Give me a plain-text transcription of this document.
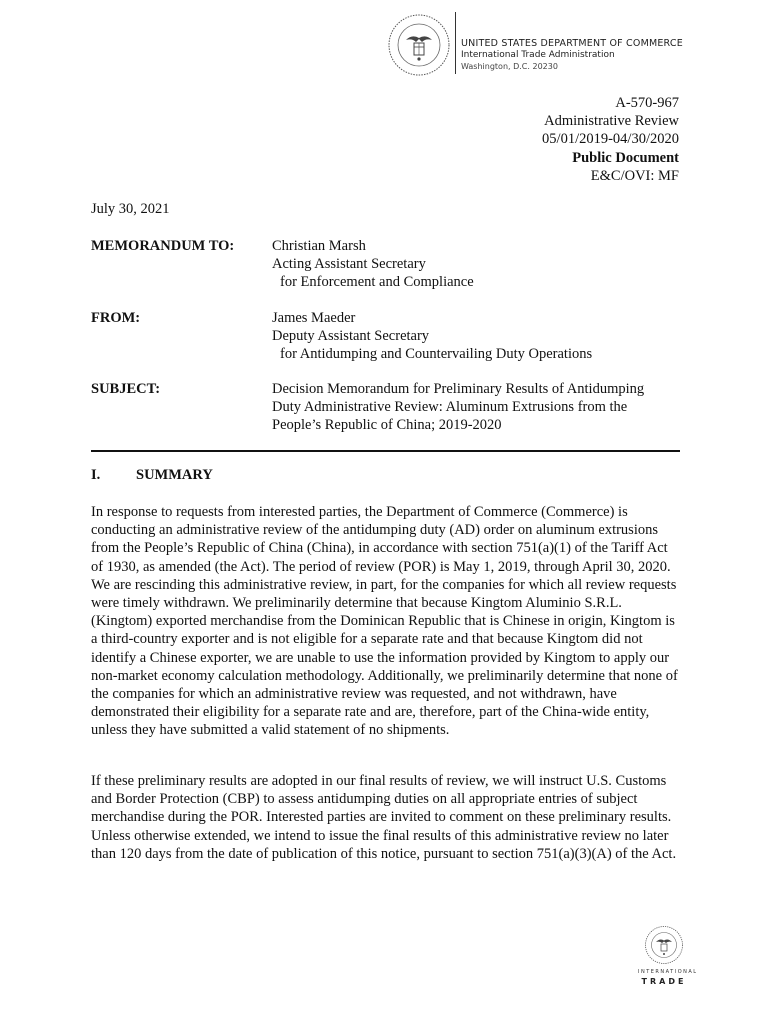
UNITED STATES DEPARTMENT OF COMMERCE
International Trade Administration
Washington, D.C. 20230
A-570-967
Administrative Review
05/01/2019-04/30/2020
Public Document
E&C/OVI: MF
July 30, 2021
MEMORANDUM TO:	Christian Marsh
Acting Assistant Secretary
for Enforcement and Compliance
FROM:	James Maeder
Deputy Assistant Secretary
for Antidumping and Countervailing Duty Operations
SUBJECT:	Decision Memorandum for Preliminary Results of Antidumping
Duty Administrative Review: Aluminum Extrusions from the
People’s Republic of China; 2019-2020
I. SUMMARY
In response to requests from interested parties, the Department of Commerce (Commerce) is conducting an administrative review of the antidumping duty (AD) order on aluminum extrusions from the People’s Republic of China (China), in accordance with section 751(a)(1) of the Tariff Act of 1930, as amended (the Act). The period of review (POR) is May 1, 2019, through April 30, 2020. We are rescinding this administrative review, in part, for the companies for which all review requests were timely withdrawn. We preliminarily determine that because Kingtom Aluminio S.R.L. (Kingtom) exported merchandise from the Dominican Republic that is Chinese in origin, Kingtom is a third-country exporter and is not eligible for a separate rate and that because Kingtom did not identify a Chinese exporter, we are unable to use the information provided by Kingtom to apply our non-market economy calculation methodology. Additionally, we preliminarily determine that none of the companies for which an administrative review was requested, and not withdrawn, have demonstrated their eligibility for a separate rate and are, therefore, part of the China-wide entity, unless they have submitted a valid statement of no shipments.
If these preliminary results are adopted in our final results of review, we will instruct U.S. Customs and Border Protection (CBP) to assess antidumping duties on all appropriate entries of subject merchandise during the POR. Interested parties are invited to comment on these preliminary results. Unless otherwise extended, we intend to issue the final results of this administrative review no later than 120 days from the date of publication of this notice, pursuant to section 751(a)(3)(A) of the Act.
INTERNATIONAL
TRADE
